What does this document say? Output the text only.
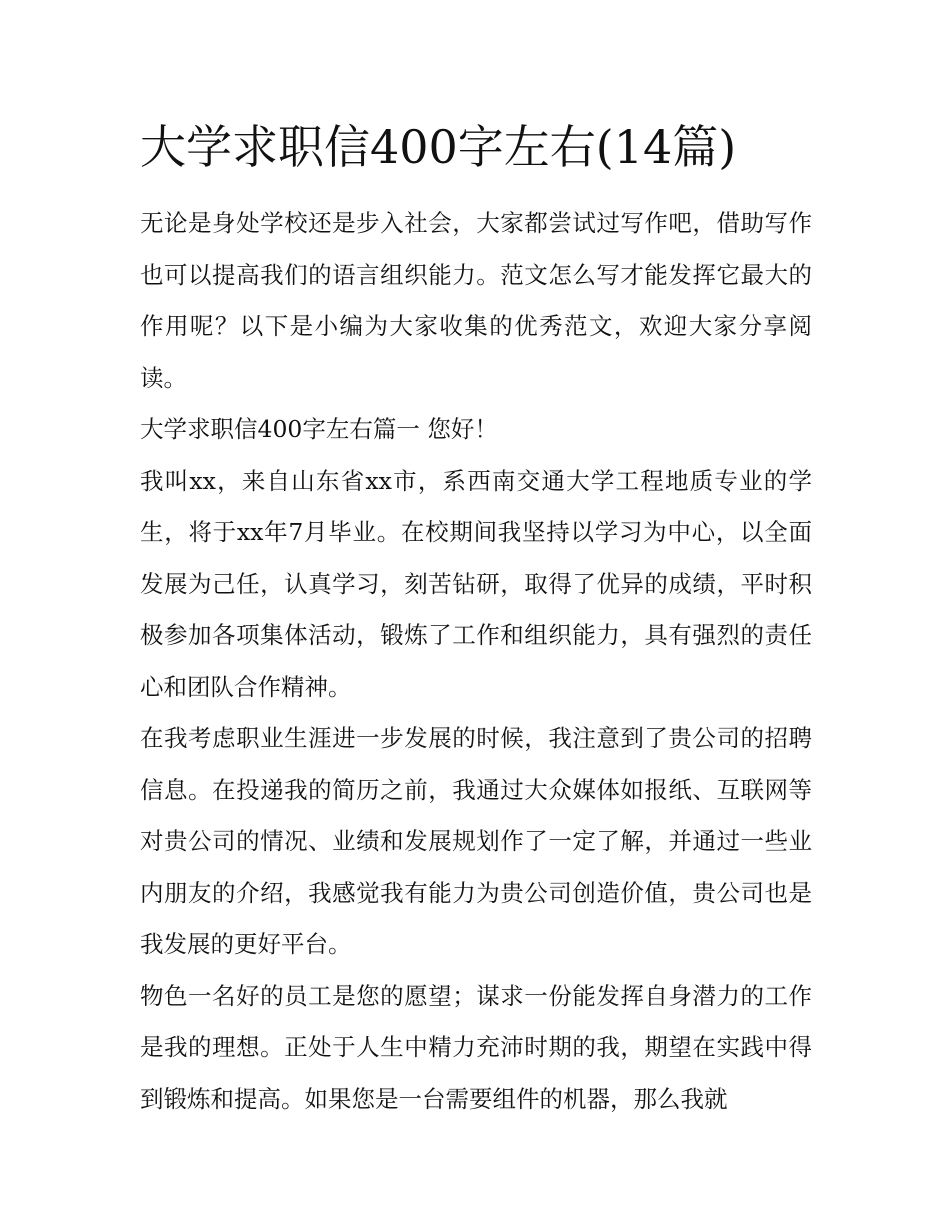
大学求职信400字左右(14篇)

无论是身处学校还是步入社会，大家都尝试过写作吧，借助写作也可以提高我们的语言组织能力。范文怎么写才能发挥它最大的作用呢？以下是小编为大家收集的优秀范文，欢迎大家分享阅读。

大学求职信400字左右篇一 您好！

我叫xx，来自山东省xx市，系西南交通大学工程地质专业的学生，将于xx年7月毕业。在校期间我坚持以学习为中心，以全面发展为己任，认真学习，刻苦钻研，取得了优异的成绩，平时积极参加各项集体活动，锻炼了工作和组织能力，具有强烈的责任心和团队合作精神。

在我考虑职业生涯进一步发展的时候，我注意到了贵公司的招聘信息。在投递我的简历之前，我通过大众媒体如报纸、互联网等对贵公司的情况、业绩和发展规划作了一定了解，并通过一些业内朋友的介绍，我感觉我有能力为贵公司创造价值，贵公司也是我发展的更好平台。

物色一名好的员工是您的愿望；谋求一份能发挥自身潜力的工作是我的理想。正处于人生中精力充沛时期的我，期望在实践中得到锻炼和提高。如果您是一台需要组件的机器，那么我就
